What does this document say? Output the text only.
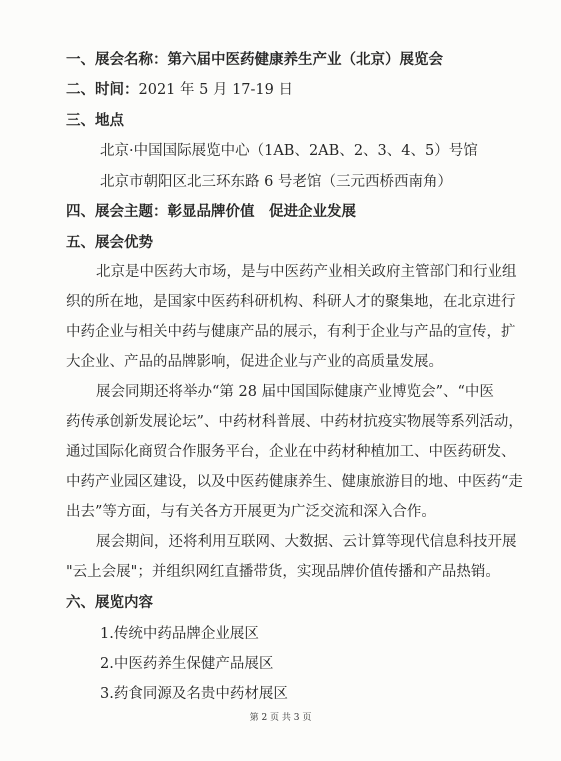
一、展会名称：第六届中医药健康养生产业（北京）展览会
二、时间：2021 年 5 月 17-19 日
三、地点
北京·中国国际展览中心（1AB、2AB、2、3、4、5）号馆
北京市朝阳区北三环东路 6 号老馆（三元西桥西南角）
四、展会主题：彰显品牌价值　促进企业发展
五、展会优势
北京是中医药大市场，是与中医药产业相关政府主管部门和行业组
织的所在地，是国家中医药科研机构、科研人才的聚集地，在北京进行
中药企业与相关中药与健康产品的展示，有利于企业与产品的宣传，扩
大企业、产品的品牌影响，促进企业与产业的高质量发展。
展会同期还将举办“第 28 届中国国际健康产业博览会”、“中医
药传承创新发展论坛”、中药材科普展、中药材抗疫实物展等系列活动，
通过国际化商贸合作服务平台，企业在中药材种植加工、中医药研发、
中药产业园区建设，以及中医药健康养生、健康旅游目的地、中医药“走
出去”等方面，与有关各方开展更为广泛交流和深入合作。
展会期间，还将利用互联网、大数据、云计算等现代信息科技开展
"云上会展"；并组织网红直播带货，实现品牌价值传播和产品热销。
六、展览内容
1.传统中药品牌企业展区
2.中医药养生保健产品展区
3.药食同源及名贵中药材展区
第 2 页 共 3 页
